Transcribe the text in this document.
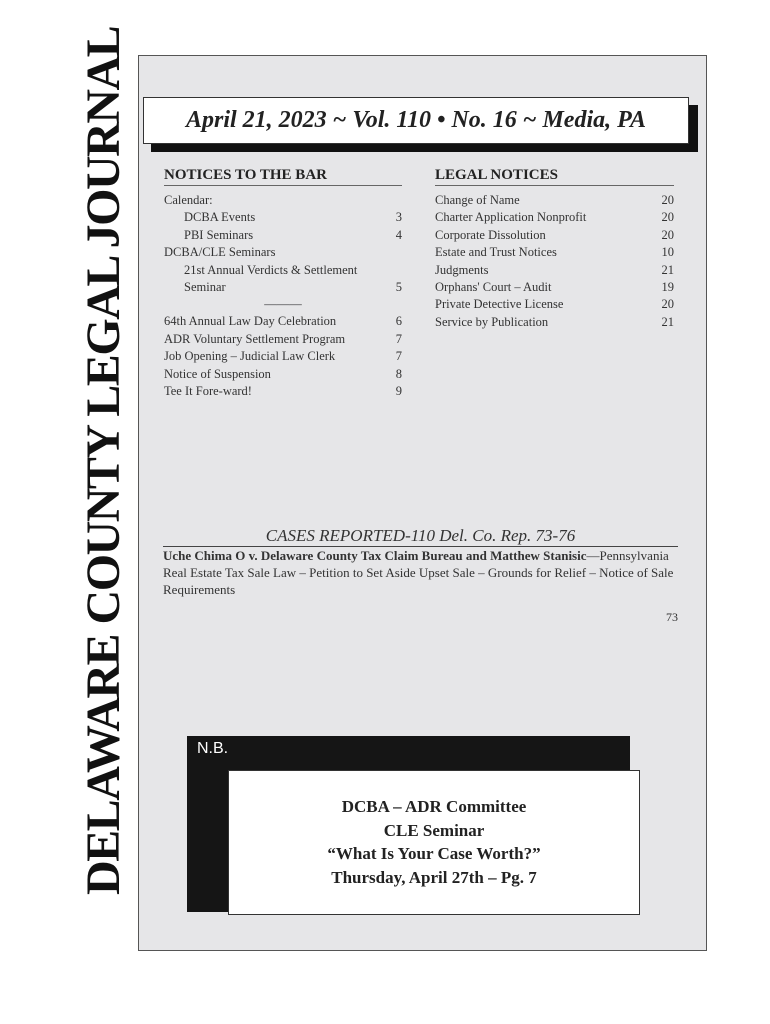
DELAWARE COUNTY LEGAL JOURNAL	April 21, 2023 ~ Vol. 110 • No. 16 ~ Media, PA
NOTICES TO THE BAR
Calendar:
DCBA Events	3
PBI Seminars	4
DCBA/CLE Seminars
21st Annual Verdicts & Settlement
Seminar	5
———
64th Annual Law Day Celebration	6
ADR Voluntary Settlement Program	7
Job Opening – Judicial Law Clerk	7
Notice of Suspension	8
Tee It Fore-ward!	9
LEGAL NOTICES
Change of Name	20
Charter Application Nonprofit	20
Corporate Dissolution	20
Estate and Trust Notices	10
Judgments	21
Orphans' Court – Audit	19
Private Detective License	20
Service by Publication	21
CASES REPORTED-110 Del. Co. Rep. 73-76
Uche Chima O v. Delaware County Tax Claim Bureau and Matthew Stanisic—Pennsylvania Real Estate Tax Sale Law – Petition to Set Aside Upset Sale – Grounds for Relief – Notice of Sale Requirements
73
N.B.
DCBA – ADR Committee
CLE Seminar
“What Is Your Case Worth?”
Thursday, April 27th – Pg. 7
